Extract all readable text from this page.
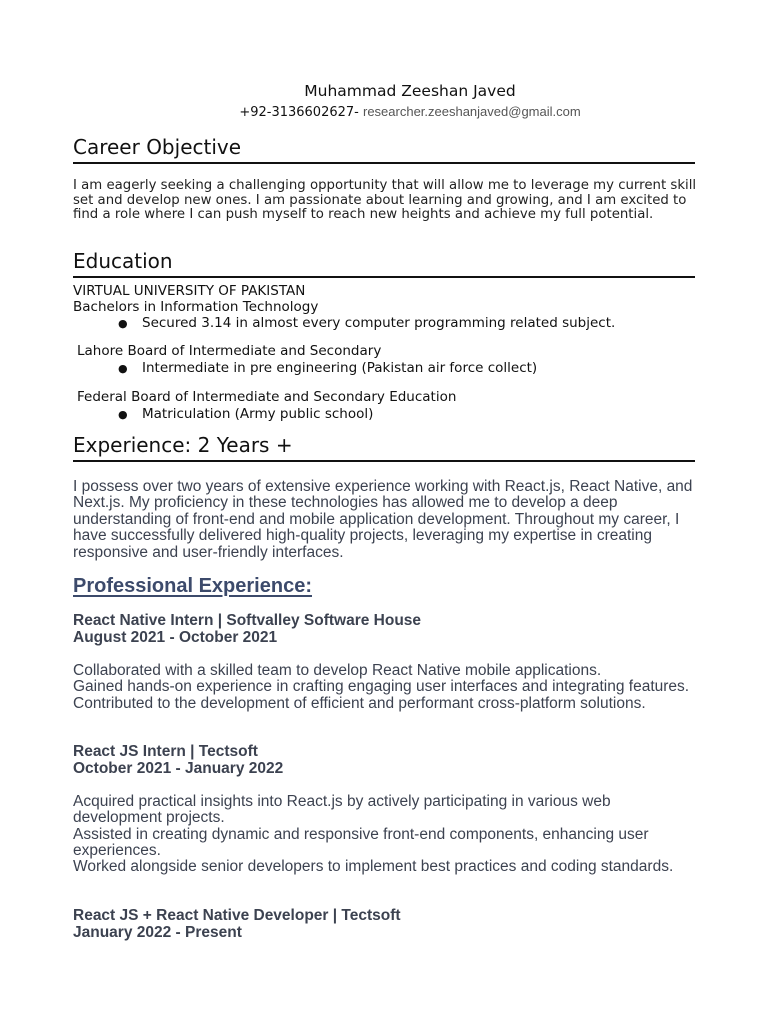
Muhammad Zeeshan Javed
+92-3136602627- researcher.zeeshanjaved@gmail.com
Career Objective
I am eagerly seeking a challenging opportunity that will allow me to leverage my current skill set and develop new ones. I am passionate about learning and growing, and I am excited to find a role where I can push myself to reach new heights and achieve my full potential.
Education
VIRTUAL UNIVERSITY OF PAKISTAN
Bachelors in Information Technology
● Secured 3.14 in almost every computer programming related subject.
Lahore Board of Intermediate and Secondary
● Intermediate in pre engineering (Pakistan air force collect)
Federal Board of Intermediate and Secondary Education
● Matriculation (Army public school)
Experience: 2 Years +
I possess over two years of extensive experience working with React.js, React Native, and Next.js. My proficiency in these technologies has allowed me to develop a deep understanding of front-end and mobile application development. Throughout my career, I have successfully delivered high-quality projects, leveraging my expertise in creating responsive and user-friendly interfaces.
Professional Experience:
React Native Intern | Softvalley Software House
August 2021 - October 2021
Collaborated with a skilled team to develop React Native mobile applications.
Gained hands-on experience in crafting engaging user interfaces and integrating features.
Contributed to the development of efficient and performant cross-platform solutions.
React JS Intern | Tectsoft
October 2021 - January 2022
Acquired practical insights into React.js by actively participating in various web development projects.
Assisted in creating dynamic and responsive front-end components, enhancing user experiences.
Worked alongside senior developers to implement best practices and coding standards.
React JS + React Native Developer | Tectsoft
January 2022 - Present
